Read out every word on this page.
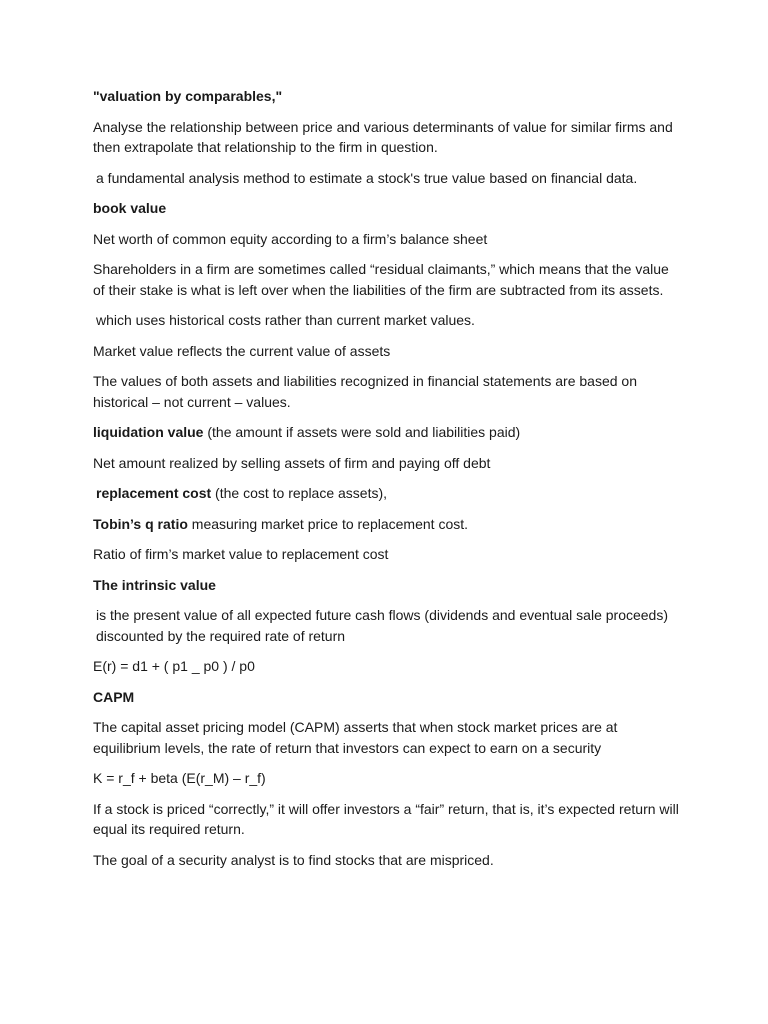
"valuation by comparables,"

Analyse the relationship between price and various determinants of value for similar firms and then extrapolate that relationship to the firm in question.

a fundamental analysis method to estimate a stock's true value based on financial data.

book value

Net worth of common equity according to a firm’s balance sheet

Shareholders in a firm are sometimes called “residual claimants,” which means that the value of their stake is what is left over when the liabilities of the firm are subtracted from its assets.

which uses historical costs rather than current market values.

Market value reflects the current value of assets

The values of both assets and liabilities recognized in financial statements are based on historical – not current – values.

liquidation value (the amount if assets were sold and liabilities paid)

Net amount realized by selling assets of firm and paying off debt

replacement cost (the cost to replace assets),

Tobin’s q ratio measuring market price to replacement cost.

Ratio of firm’s market value to replacement cost

The intrinsic value

is the present value of all expected future cash flows (dividends and eventual sale proceeds) discounted by the required rate of return

E(r) = d1 + ( p1 _ p0 ) / p0

CAPM

The capital asset pricing model (CAPM) asserts that when stock market prices are at equilibrium levels, the rate of return that investors can expect to earn on a security

K = r_f + beta (E(r_M) – r_f)

If a stock is priced “correctly,” it will offer investors a “fair” return, that is, it’s expected return will equal its required return.

The goal of a security analyst is to find stocks that are mispriced.
